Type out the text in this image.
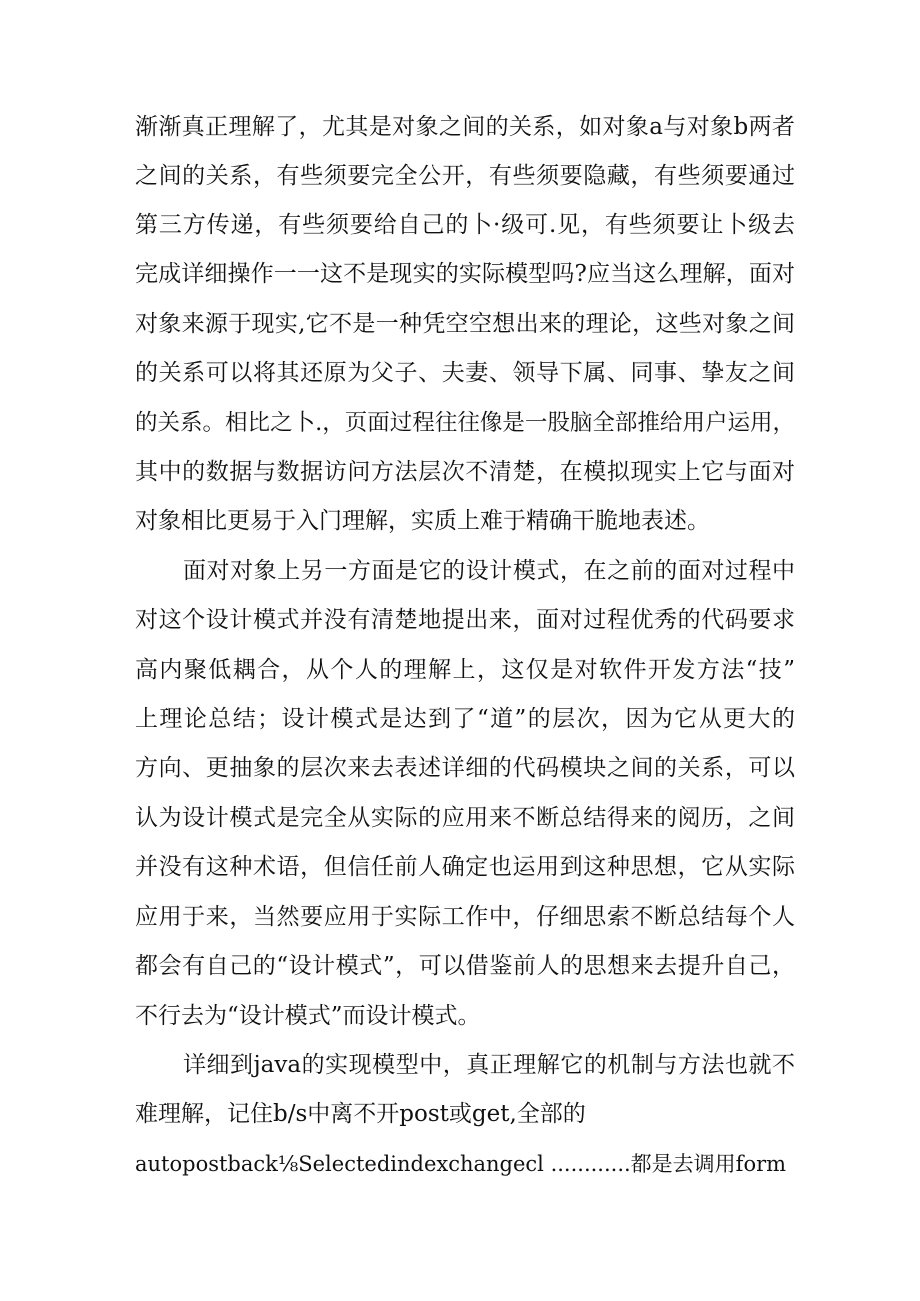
渐渐真正理解了，尤其是对象之间的关系，如对象a与对象b两者
之间的关系，有些须要完全公开，有些须要隐藏，有些须要通过
第三方传递，有些须要给自己的卜·级可.见，有些须要让卜级去
完成详细操作一一这不是现实的实际模型吗?应当这么理解，面对
对象来源于现实,它不是一种凭空空想出来的理论，这些对象之间
的关系可以将其还原为父子、夫妻、领导下属、同事、挚友之间
的关系。相比之卜.，页面过程往往像是一股脑全部推给用户运用，
其中的数据与数据访问方法层次不清楚，在模拟现实上它与面对
对象相比更易于入门理解，实质上难于精确干脆地表述。
面对对象上另一方面是它的设计模式，在之前的面对过程中
对这个设计模式并没有清楚地提出来，面对过程优秀的代码要求
高内聚低耦合，从个人的理解上，这仅是对软件开发方法“技”
上理论总结；设计模式是达到了“道”的层次，因为它从更大的
方向、更抽象的层次来去表述详细的代码模块之间的关系，可以
认为设计模式是完全从实际的应用来不断总结得来的阅历，之间
并没有这种术语，但信任前人确定也运用到这种思想，它从实际
应用于来，当然要应用于实际工作中，仔细思索不断总结每个人
都会有自己的“设计模式”，可以借鉴前人的思想来去提升自己，
不行去为“设计模式”而设计模式。
详细到java的实现模型中，真正理解它的机制与方法也就不
难理解，记住b/s中离不开post或get,全部的
autopostback⅛Selectedindexchangecl ............都是去调用form
